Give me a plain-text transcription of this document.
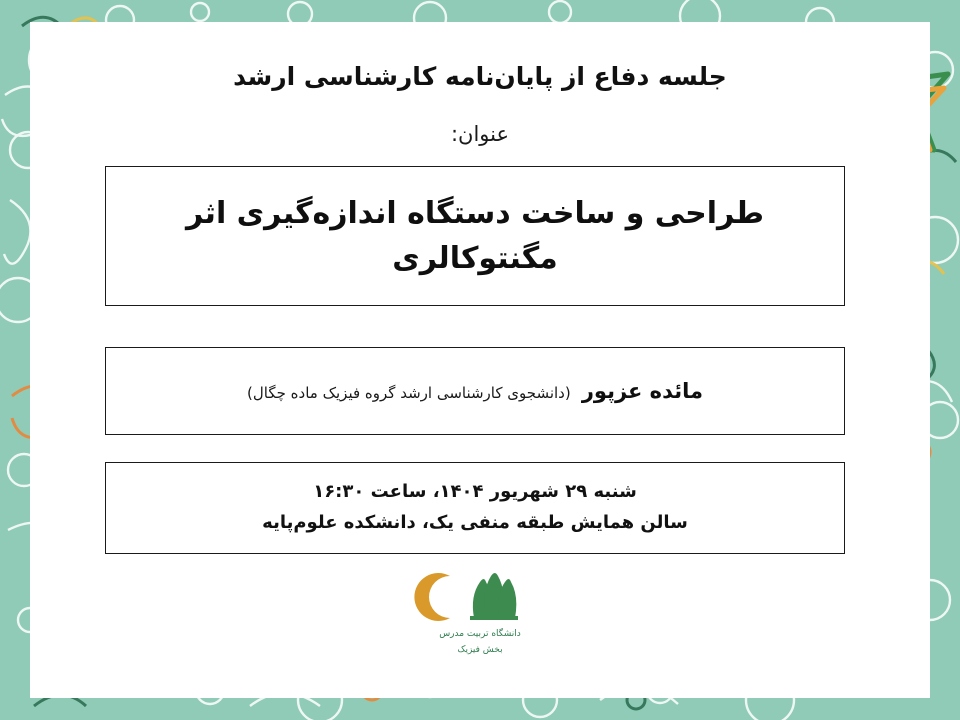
جلسه دفاع از پایان‌نامه کارشناسی ارشد
عنوان:
طراحی و ساخت دستگاه اندازه‌گیری اثر مگنتوکالری
مائده عزپور (دانشجوی کارشناسی ارشد گروه فیزیک ماده چگال)
شنبه ۲۹ شهریور ۱۴۰۴، ساعت ۱۶:۳۰
سالن همایش طبقه منفی یک، دانشکده علوم‌پایه
دانشگاه تربیت مدرس
بخش فیزیک
